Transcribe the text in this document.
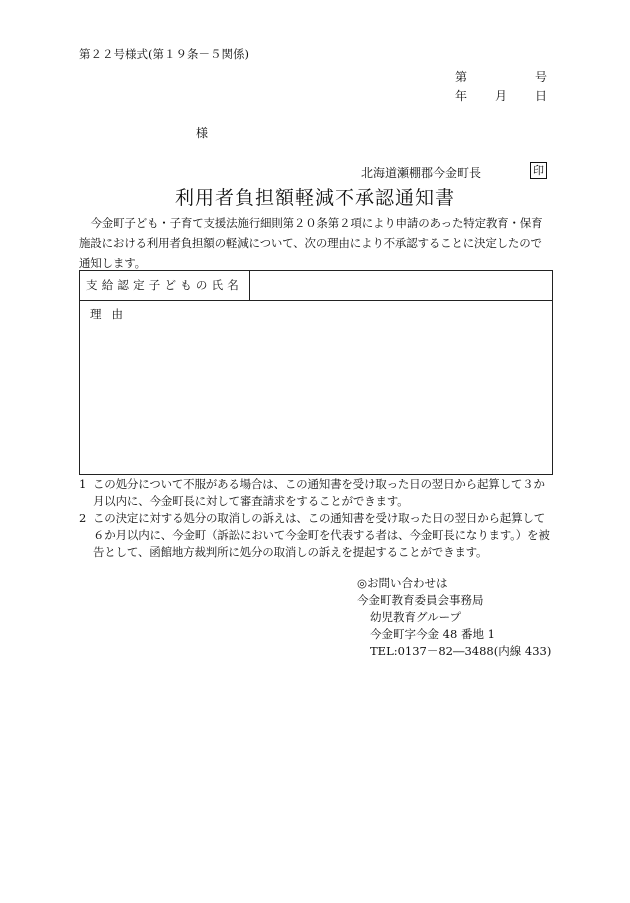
第２２号様式(第１９条－５関係)
第	号
年 月 日
様
北海道瀬棚郡今金町長	印
利用者負担額軽減不承認通知書
今金町子ども・子育て支援法施行細則第２０条第２項により申請のあった特定教育・保育施設における利用者負担額の軽減について、次の理由により不承認することに決定したので通知します。
支給認定子どもの氏名
理由
1 この処分について不服がある場合は、この通知書を受け取った日の翌日から起算して３か月以内に、今金町長に対して審査請求をすることができます。
2 この決定に対する処分の取消しの訴えは、この通知書を受け取った日の翌日から起算して６か月以内に、今金町（訴訟において今金町を代表する者は、今金町長になります。）を被告として、函館地方裁判所に処分の取消しの訴えを提起することができます。
◎お問い合わせは
今金町教育委員会事務局
幼児教育グループ
今金町字今金 48 番地 1
TEL:0137－82―3488(内線 433)
